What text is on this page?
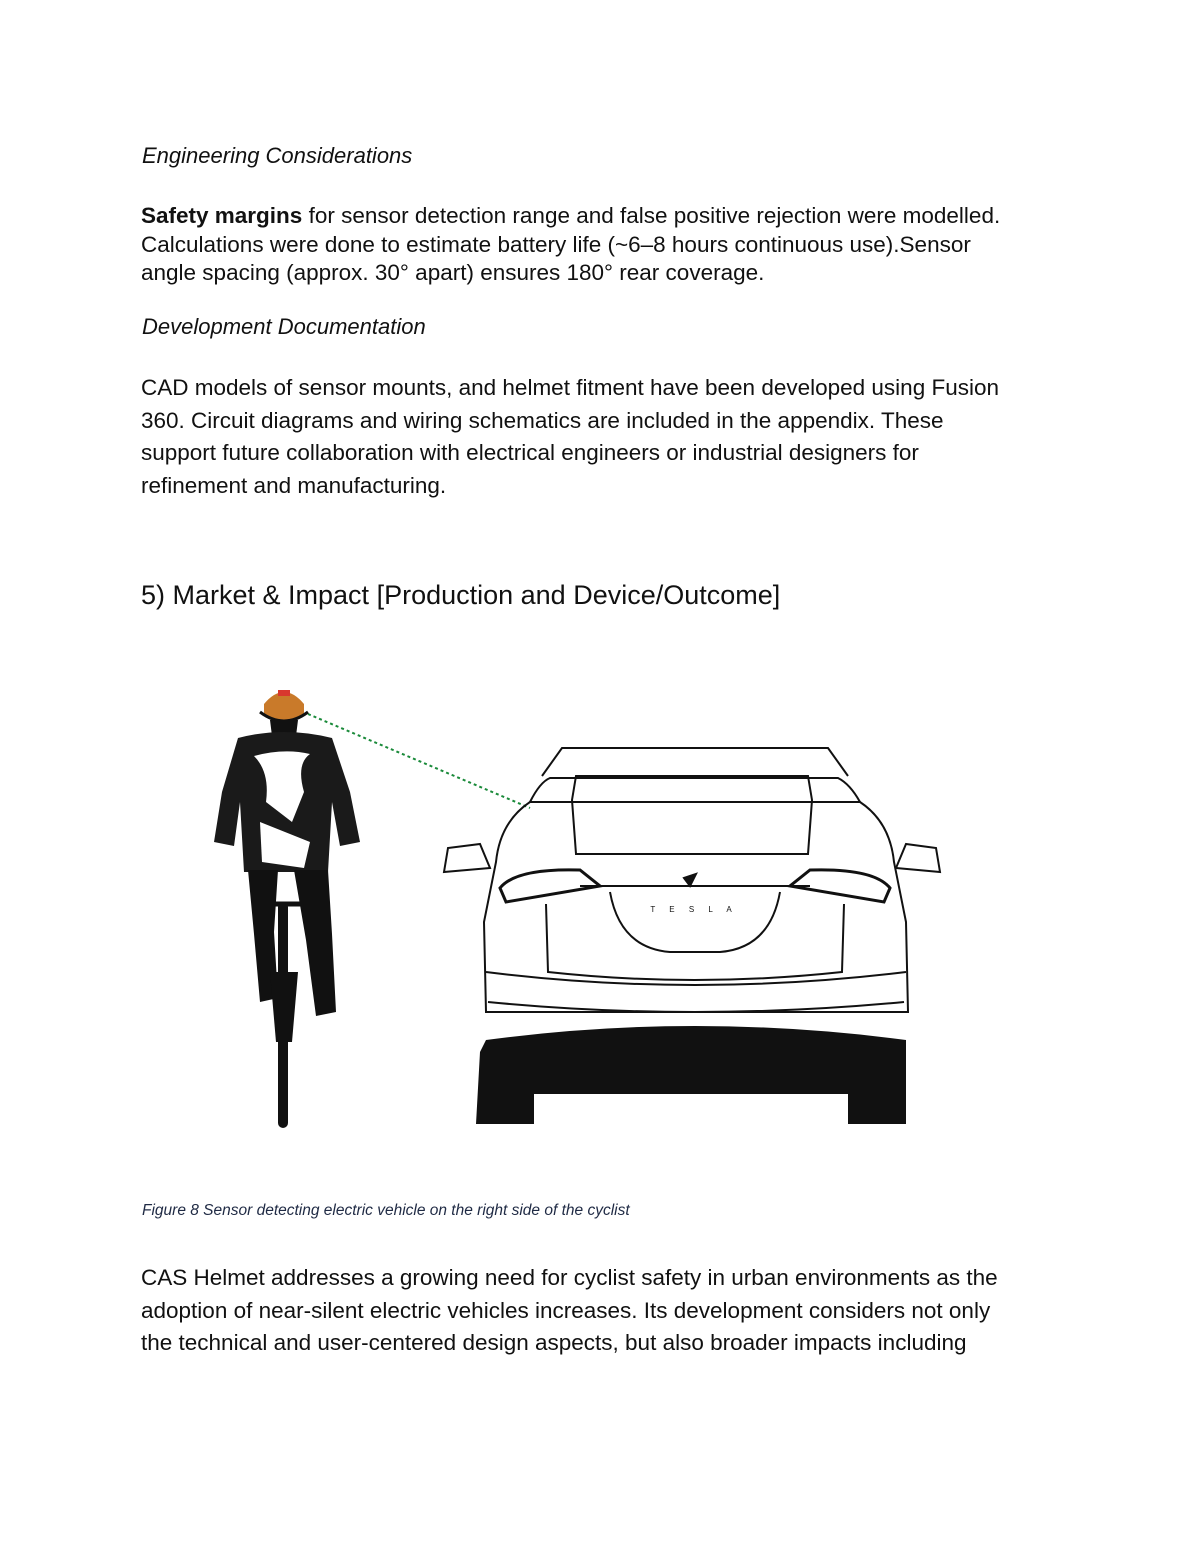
Engineering Considerations
Safety margins for sensor detection range and false positive rejection were modelled.
Calculations were done to estimate battery life (~6–8 hours continuous use).Sensor
angle spacing (approx. 30° apart) ensures 180° rear coverage.
Development Documentation
CAD models of sensor mounts, and helmet fitment have been developed using Fusion
360. Circuit diagrams and wiring schematics are included in the appendix. These
support future collaboration with electrical engineers or industrial designers for
refinement and manufacturing.
5) Market & Impact [Production and Device/Outcome]
T E S L A

Figure 8 Sensor detecting electric vehicle on the right side of the cyclist

CAS Helmet addresses a growing need for cyclist safety in urban environments as the
adoption of near-silent electric vehicles increases. Its development considers not only
the technical and user-centered design aspects, but also broader impacts including
